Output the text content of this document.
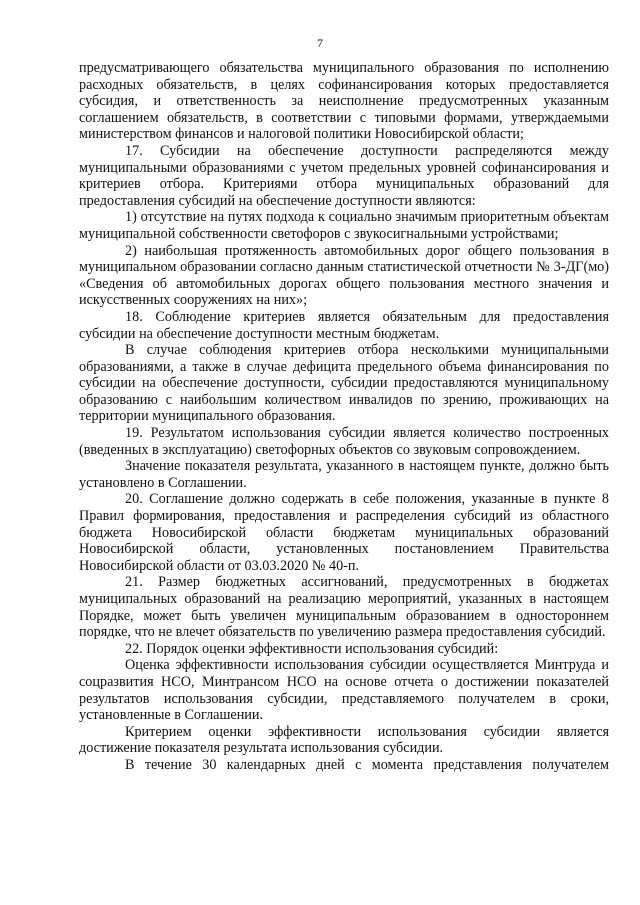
7

предусматривающего обязательства муниципального образования по исполнению расходных обязательств, в целях софинансирования которых предоставляется субсидия, и ответственность за неисполнение предусмотренных указанным соглашением обязательств, в соответствии с типовыми формами, утверждаемыми министерством финансов и налоговой политики Новосибирской области;

17. Субсидии на обеспечение доступности распределяются между муниципальными образованиями с учетом предельных уровней софинансирования и критериев отбора. Критериями отбора муниципальных образований для предоставления субсидий на обеспечение доступности являются:

1) отсутствие на путях подхода к социально значимым приоритетным объектам муниципальной собственности светофоров с звукосигнальными устройствами;

2) наибольшая протяженность автомобильных дорог общего пользования в муниципальном образовании согласно данным статистической отчетности № 3-ДГ(мо) «Сведения об автомобильных дорогах общего пользования местного значения и искусственных сооружениях на них»;

18. Соблюдение критериев является обязательным для предоставления субсидии на обеспечение доступности местным бюджетам.

В случае соблюдения критериев отбора несколькими муниципальными образованиями, а также в случае дефицита предельного объема финансирования по субсидии на обеспечение доступности, субсидии предоставляются муниципальному образованию с наибольшим количеством инвалидов по зрению, проживающих на территории муниципального образования.

19. Результатом использования субсидии является количество построенных (введенных в эксплуатацию) светофорных объектов со звуковым сопровождением.

Значение показателя результата, указанного в настоящем пункте, должно быть установлено в Соглашении.

20. Соглашение должно содержать в себе положения, указанные в пункте 8 Правил формирования, предоставления и распределения субсидий из областного бюджета Новосибирской области бюджетам муниципальных образований Новосибирской области, установленных постановлением Правительства Новосибирской области от 03.03.2020 № 40-п.

21. Размер бюджетных ассигнований, предусмотренных в бюджетах муниципальных образований на реализацию мероприятий, указанных в настоящем Порядке, может быть увеличен муниципальным образованием в одностороннем порядке, что не влечет обязательств по увеличению размера предоставления субсидий.

22. Порядок оценки эффективности использования субсидий:

Оценка эффективности использования субсидии осуществляется Минтруда и соцразвития НСО, Минтрансом НСО на основе отчета о достижении показателей результатов использования субсидии, представляемого получателем в сроки, установленные в Соглашении.

Критерием оценки эффективности использования субсидии является достижение показателя результата использования субсидии.

В течение 30 календарных дней с момента представления получателем
